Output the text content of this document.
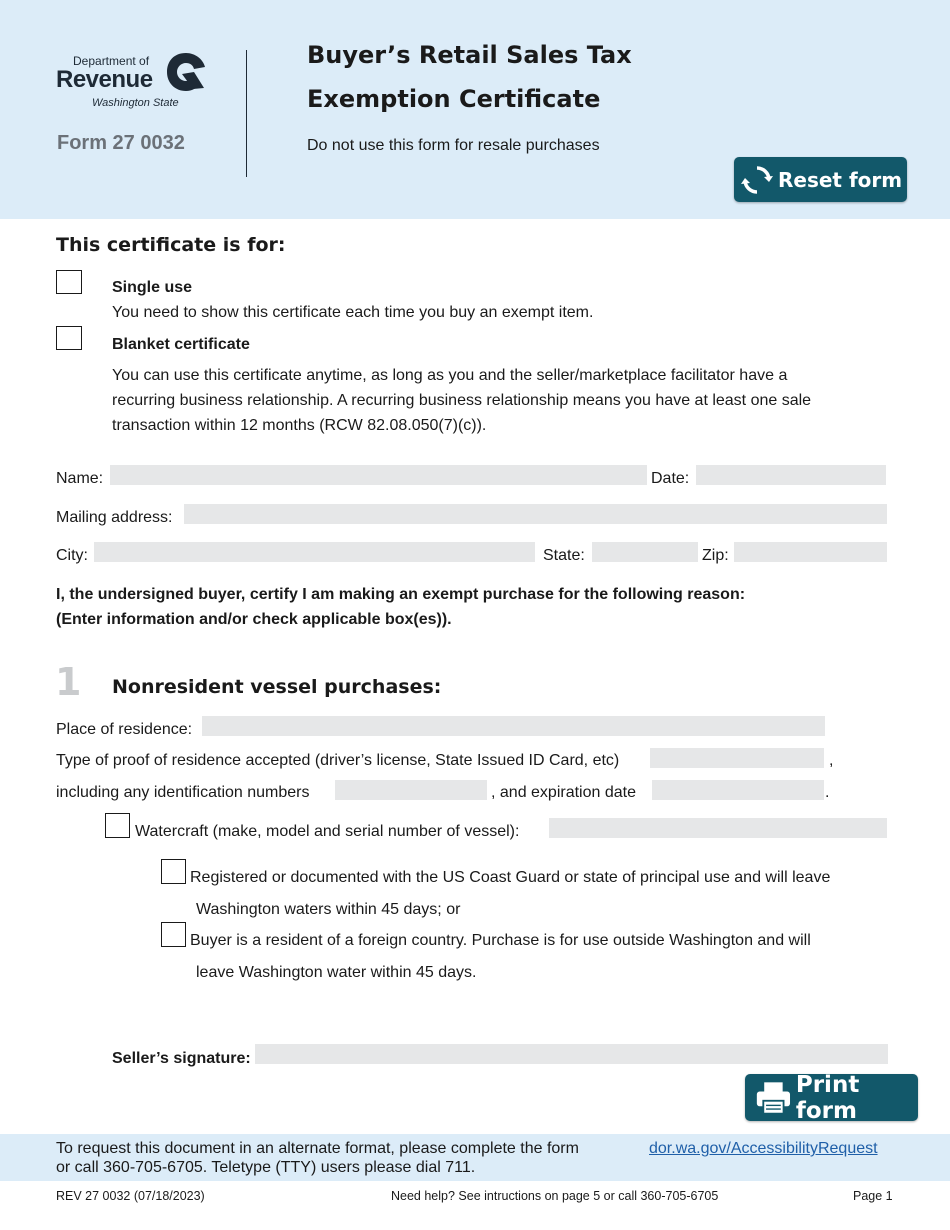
Department of
Revenue
Washington State
Form 27 0032
Buyer’s Retail Sales Tax
Exemption Certificate
Do not use this form for resale purchases
Reset form
This certificate is for:
Single use
You need to show this certificate each time you buy an exempt item.
Blanket certificate
You can use this certificate anytime, as long as you and the seller/marketplace facilitator have a
recurring business relationship. A recurring business relationship means you have at least one sale
transaction within 12 months (RCW 82.08.050(7)(c)).
Name:	Date:
Mailing address:
City:	State:	Zip:
I, the undersigned buyer, certify I am making an exempt purchase for the following reason:
(Enter information and/or check applicable box(es)).
1 Nonresident vessel purchases:
Place of residence:
Type of proof of residence accepted (driver’s license, State Issued ID Card, etc)	,
including any identification numbers	, and expiration date	.
Watercraft (make, model and serial number of vessel):
Registered or documented with the US Coast Guard or state of principal use and will leave
Washington waters within 45 days; or
Buyer is a resident of a foreign country. Purchase is for use outside Washington and will
leave Washington water within 45 days.
Seller’s signature:
Print form
To request this document in an alternate format, please complete the form	dor.wa.gov/AccessibilityRequest
or call 360-705-6705. Teletype (TTY) users please dial 711.
REV 27 0032 (07/18/2023)	Need help? See intructions on page 5 or call 360-705-6705	Page 1
